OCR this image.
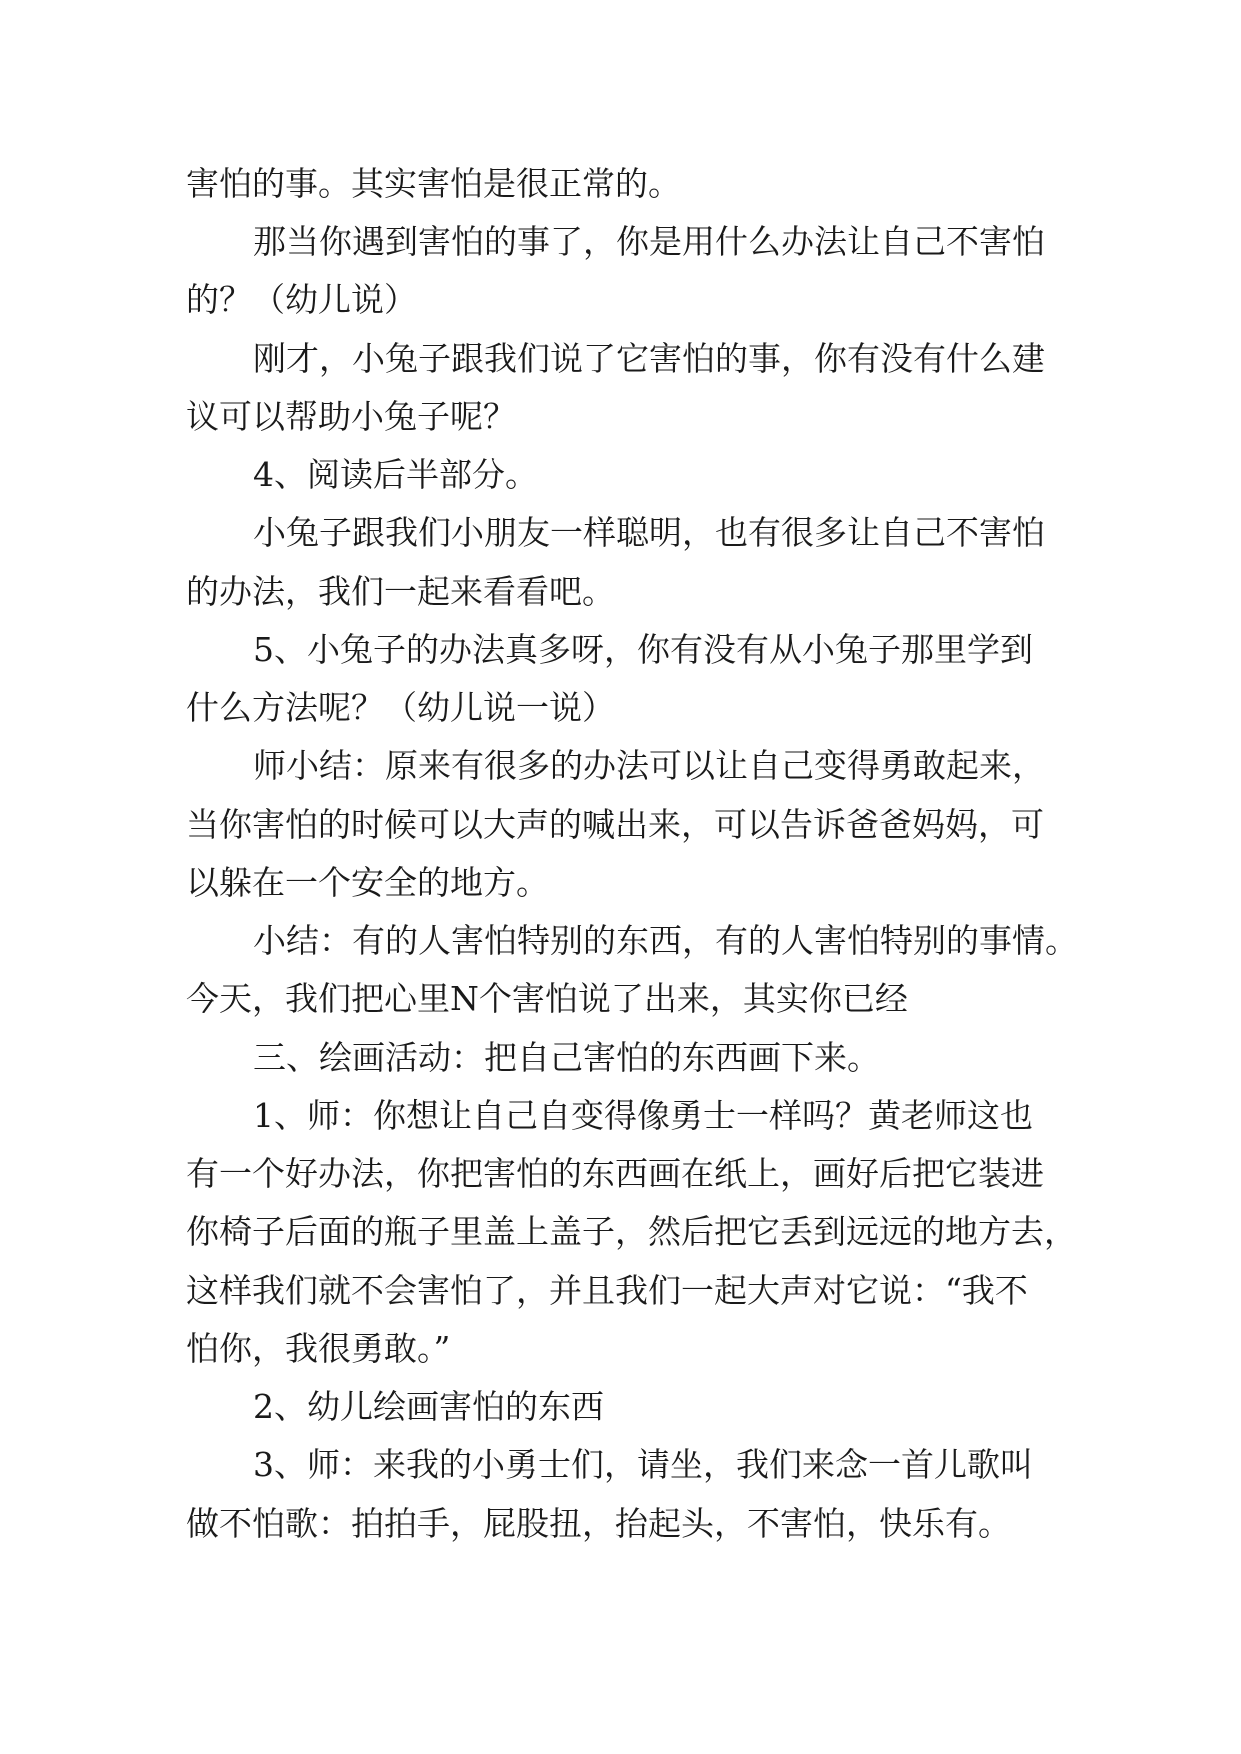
害怕的事。其实害怕是很正常的。
那当你遇到害怕的事了，你是用什么办法让自己不害怕
的？（幼儿说）
刚才，小兔子跟我们说了它害怕的事，你有没有什么建
议可以帮助小兔子呢？
4、阅读后半部分。
小兔子跟我们小朋友一样聪明，也有很多让自己不害怕
的办法，我们一起来看看吧。
5、小兔子的办法真多呀，你有没有从小兔子那里学到
什么方法呢？（幼儿说一说）
师小结：原来有很多的办法可以让自己变得勇敢起来，
当你害怕的时候可以大声的喊出来，可以告诉爸爸妈妈，可
以躲在一个安全的地方。
小结：有的人害怕特别的东西，有的人害怕特别的事情。
今天，我们把心里N个害怕说了出来，其实你已经
三、绘画活动：把自己害怕的东西画下来。
1、师：你想让自己自变得像勇士一样吗？黄老师这也
有一个好办法，你把害怕的东西画在纸上，画好后把它装进
你椅子后面的瓶子里盖上盖子，然后把它丢到远远的地方去，
这样我们就不会害怕了，并且我们一起大声对它说：“我不
怕你，我很勇敢。”
2、幼儿绘画害怕的东西
3、师：来我的小勇士们，请坐，我们来念一首儿歌叫
做不怕歌：拍拍手，屁股扭，抬起头，不害怕，快乐有。
